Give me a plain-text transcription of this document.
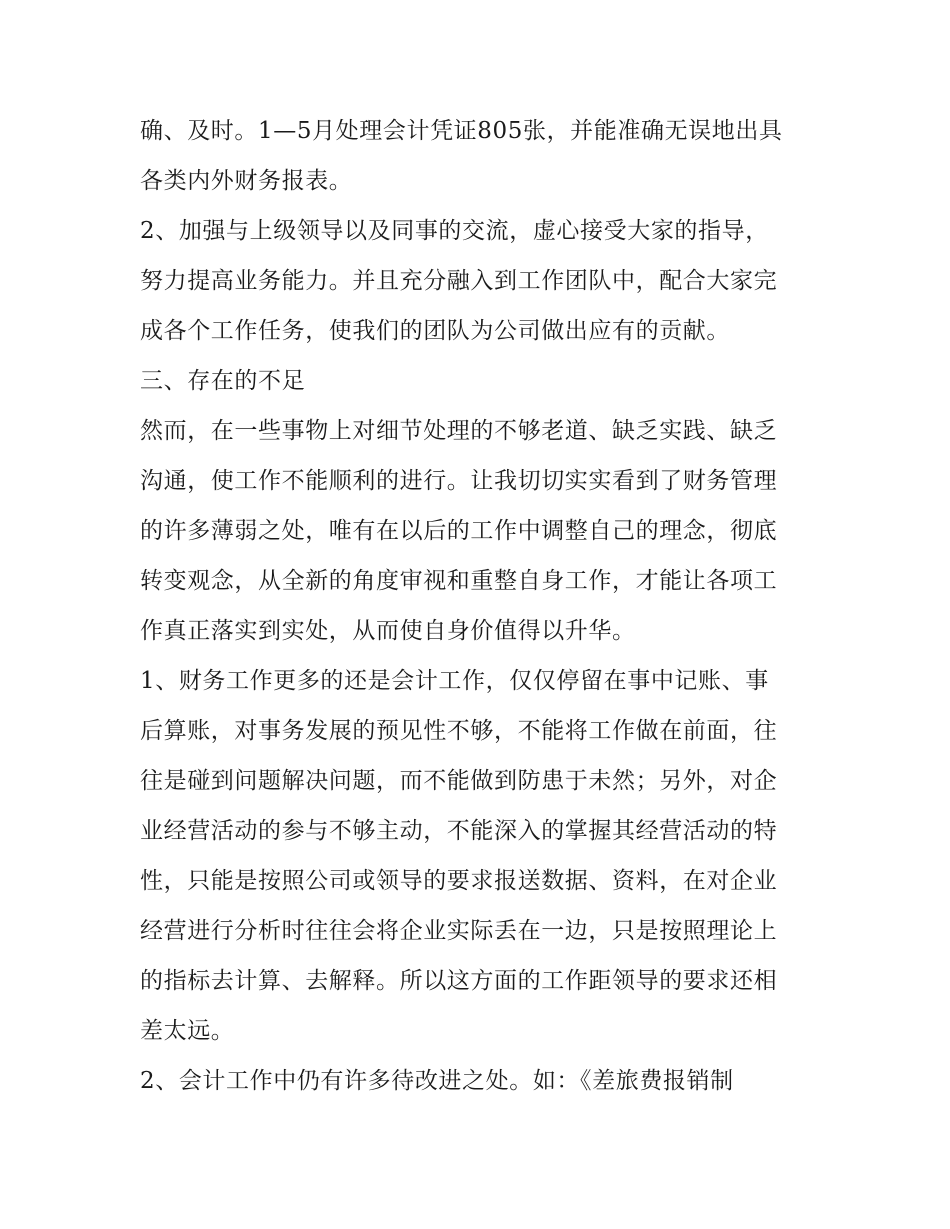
确、及时。1—5月处理会计凭证805张，并能准确无误地出具
各类内外财务报表。
2、加强与上级领导以及同事的交流，虚心接受大家的指导，
努力提高业务能力。并且充分融入到工作团队中，配合大家完
成各个工作任务，使我们的团队为公司做出应有的贡献。
三、存在的不足
然而，在一些事物上对细节处理的不够老道、缺乏实践、缺乏
沟通，使工作不能顺利的进行。让我切切实实看到了财务管理
的许多薄弱之处，唯有在以后的工作中调整自己的理念，彻底
转变观念，从全新的角度审视和重整自身工作，才能让各项工
作真正落实到实处，从而使自身价值得以升华。
1、财务工作更多的还是会计工作，仅仅停留在事中记账、事
后算账，对事务发展的预见性不够，不能将工作做在前面，往
往是碰到问题解决问题，而不能做到防患于未然；另外，对企
业经营活动的参与不够主动，不能深入的掌握其经营活动的特
性，只能是按照公司或领导的要求报送数据、资料，在对企业
经营进行分析时往往会将企业实际丢在一边，只是按照理论上
的指标去计算、去解释。所以这方面的工作距领导的要求还相
差太远。
2、会计工作中仍有许多待改进之处。如：《差旅费报销制
